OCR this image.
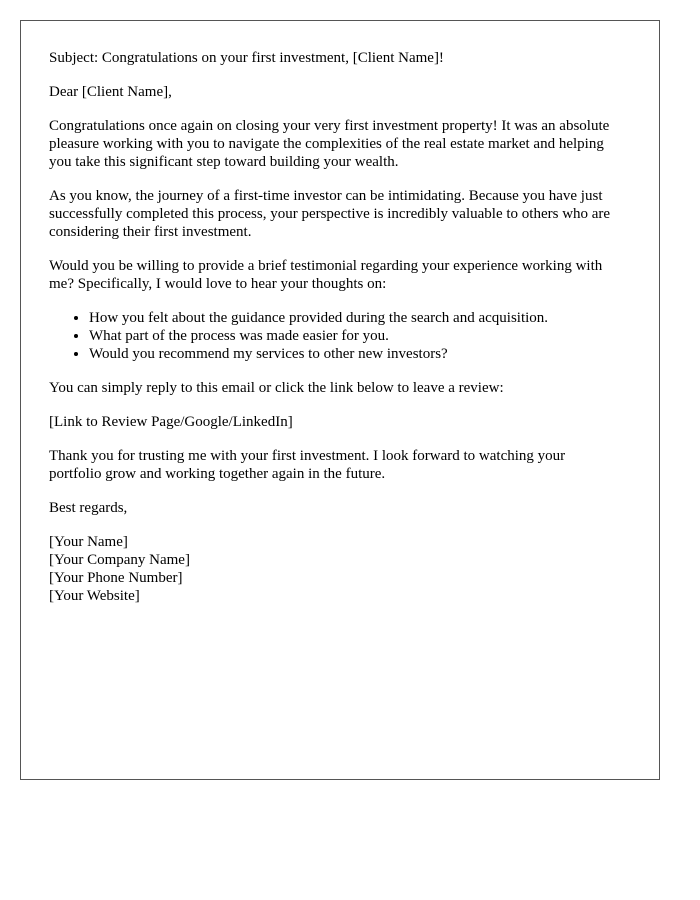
Subject: Congratulations on your first investment, [Client Name]!

Dear [Client Name],

Congratulations once again on closing your very first investment property! It was an absolute pleasure working with you to navigate the complexities of the real estate market and helping you take this significant step toward building your wealth.

As you know, the journey of a first-time investor can be intimidating. Because you have just successfully completed this process, your perspective is incredibly valuable to others who are considering their first investment.

Would you be willing to provide a brief testimonial regarding your experience working with me? Specifically, I would love to hear your thoughts on:

• How you felt about the guidance provided during the search and acquisition.
• What part of the process was made easier for you.
• Would you recommend my services to other new investors?

You can simply reply to this email or click the link below to leave a review:

[Link to Review Page/Google/LinkedIn]

Thank you for trusting me with your first investment. I look forward to watching your portfolio grow and working together again in the future.

Best regards,

[Your Name]
[Your Company Name]
[Your Phone Number]
[Your Website]
